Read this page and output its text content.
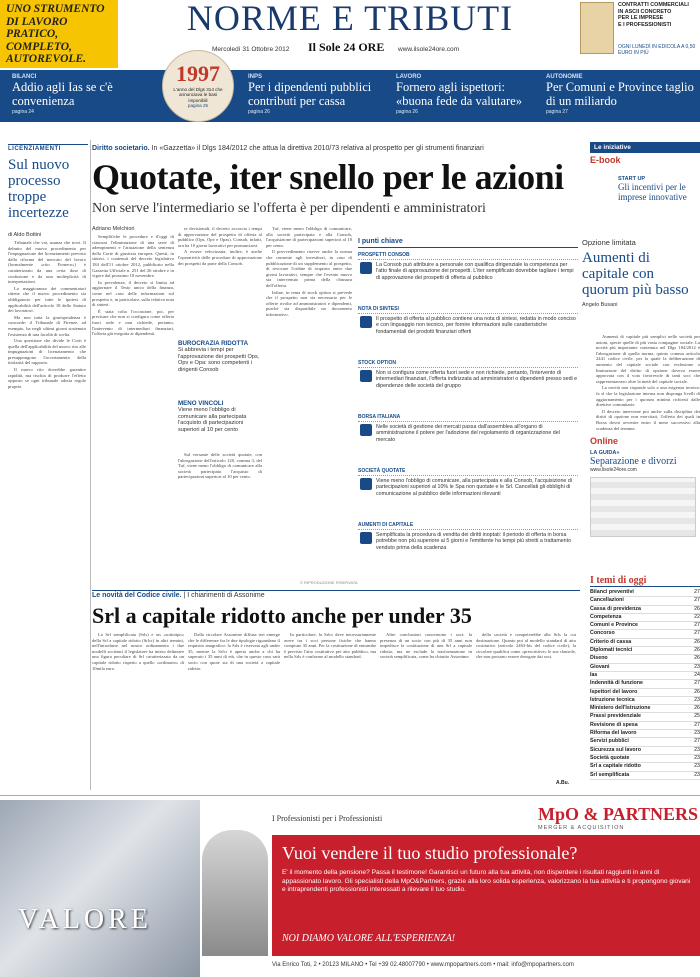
UNO STRUMENTO DI LAVORO PRATICO, COMPLETO, AUTOREVOLE.
NORME E TRIBUTI
Mercoledì 31 Ottobre 2012 Il Sole 24 ORE www.ilsole24ore.com
CONTRATTI COMMERCIALI
IN ASCII CONCRETO
PER LE IMPRESE
E I PROFESSIONISTI
OGNI LUNEDÌ IN EDICOLA A 0,50 EURO IN PIÙ
BILANCI
Addio agli Ias se c'è convenienza
pagina 24
INPS
Per i dipendenti pubblici contributi per cassa
pagina 26
LAVORO
Fornero agli ispettori: «buona fede da valutare»
pagina 26
AUTONOMIE
Per Comuni e Province taglio di un miliardo
pagina 27
1997
L'anno del Dlgs 314 che annunciava le basi imponibili
pagina 25
LICENZIAMENTI
Sul nuovo processo troppe incertezze
di Aldo Bottini

Tribunale che vai, usanza che trovi. Il debutto del nuovo procedimento per l'impugnazione dei licenziamenti previsto dalla riforma del mercato del lavoro (formalmente «rito Fornero») è caratterizzato da una certa dose di confusione e da una molteplicità di interpretazioni.

La maggioranza dei commentatori ritiene che il nuovo procedimento sia obbligatorio per tutte le ipotesi di applicabilità dell'articolo 18 dello Statuto dei lavoratori.

Ma non tutta la giurisprudenza è concorde: il Tribunale di Firenze, ad esempio, ha negli ultimi giorni sostenuto l'esistenza di una facoltà di scelta.

Una questione che divide le Corti è quella dell'applicabilità del nuovo rito alle impugnazioni di licenziamento che presuppongono l'accertamento della titolarità del rapporto.

Il nuovo rito dovrebbe garantire rapidità, ma rischia di produrre l'effetto opposto se ogni tribunale adotta regole proprie.

Diritto societario. In «Gazzetta» il Dlgs 184/2012 che attua la direttiva 2010/73 relativa al prospetto per gli strumenti finanziari
Quotate, iter snello per le azioni
Non serve l'intermediario se l'offerta è per dipendenti e amministratori
Adriano Melchiori

Semplifiche le procedure e il'oggi di ciascuni l'eliminazione di una serie di adempimenti e l'attuazione della sentenza della Corte di giustizia europea. Questi, in sintesi, i contenuti del decreto legislativo 184 dell'11 ottobre 2012, pubblicato nella Gazzetta Ufficiale n. 251 del 26 ottobre e in vigore dal prossimo 10 novembre.

In prevalenza, il decreto si limita ad aggiornare il Testo unico della finanza, come nel caso delle informazioni sul prospetto e, in particolare, sulla relativa nota di sintesi.

È stata colta l'occasione, poi, per precisare che non si configura come offerta fuori sede e non richiede, pertanto, l'intervento di intermediari finanziari, l'offerta già eseguita ai dipendenti.

re decisionali, il decreto accorcia i tempi di approvazione del prospetto di offerta al pubblico (Ops, Opv e Opas). Consob, infatti, ora ha 10 giorni lavorativi per pronunciarsi.

A essere velocizzata, inoltre, è anche l'operatività delle procedure di approvazione dei prospetti da parte della Consob.

BUROCRAZIA RIDOTTA
Si abbrevia i tempi per l'approvazione dei prospetti Ops, Opv e Opa: sono competenti i dirigenti Consob
MENO VINCOLI
Viene meno l'obbligo di comunicare alla partecipata l'acquisto di partecipazioni superiori al 10 per cento

Sul versante delle società quotate, con l'abrogazione dell'articolo 120, comma 3, del Tuf, viene meno l'obbligo di comunicare alla società partecipata l'acquisto di partecipazioni superiori al 10 per cento.

Tuf, viene meno l'obbligo di comunicare, alla società partecipata e alla Consob, l'acquisizione di partecipazioni superiori al 10 per cento.

Il provvedimento riserve anche la norma che consente agli investitori, in caso di pubblicazione di un supplemento al prospetto, di revocare l'ordine di acquisto entro due giorni lavorativi, sempre che l'evento nuovo sia intervenuto prima della chiusura dell'offerta.

Infine, in tema di stock option si prevede che il prospetto non sia necessario per le offerte rivolte ad amministratori e dipendenti, purché sia disponibile un documento informativo.

© RIPRODUZIONE RISERVATA
I punti chiave
PROSPETTI CONSOB
La Consob può attribuire a personale con qualifica dirigenziale la competenza per l'atto finale di approvazione dei prospetti. L'iter semplificato dovrebbe tagliare i tempi di approvazione dei prospetti di offerta al pubblico
NOTA DI SINTESI
Il prospetto di offerta al pubblico contiene una nota di sintesi, redatta in modo conciso e con linguaggio non tecnico, per fornire informazioni sulle caratteristiche fondamentali dei prodotti finanziari offerti
STOCK OPTION
Non si configura come offerta fuori sede e non richiede, pertanto, l'intervento di intermediari finanziari, l'offerta indirizzata ad amministratori o dipendenti presso sedi e dipendenze delle società del gruppo
BORSA ITALIANA
Nelle società di gestione dei mercati passa dall'assemblea all'organo di amministrazione il potere per l'adozione del regolamento di organizzazione del mercato
SOCIETÀ QUOTATE
Viene meno l'obbligo di comunicare, alla partecipata e alla Consob, l'acquisizione di partecipazioni superiori al 10% le Spa non quotate e le Srl. Cancellati gli obblighi di comunicazione al pubblico delle informazioni rilevanti
AUMENTI DI CAPITALE
Semplificata la procedura di vendita dei diritti inoptati: il periodo di offerta in borsa potrebbe non più superiore ai 5 giorni e l'emittente ha tempi più stretti a trattamento venduto prima della scadenza
Opzione limitata
Aumenti di capitale con quorum più basso
Angelo Busani

Aumenti di capitale più semplici nelle società per azioni, specie quelle di più vasta compagine sociale. La novità più importante contenuta nel Dlgs 184/2012 è l'abrogazione di quella norma, quinto comma articolo 2441 codice civile, per la quale la deliberazione di aumento del capitale sociale con esclusione o limitazione del diritto di opzione doveva essere approvata con il voto favorevole di tanti soci che rappresentassero oltre la metà del capitale sociale.

La novità non risponde solo a una esigenza tecnica: fa sì che la legislazione interna non disponga livelli di aggiornamento per i quorum minimi richiesti dalle direttive comunitarie.

Il decreto interviene poi anche sulla disciplina dei diritti di opzione non esercitati, l'offerta dei quali in Borsa dovrà avvenire entro il mese successivo alla scadenza del termine.

Le iniziative
E-book
START UP
Gli incentivi per le imprese innovative
Le novità del Codice civile. | I chiarimenti di Assonime
Srl a capitale ridotto anche per under 35

La Srl semplificata (Srls) e un «sottotipo» della Srl a capitale ridotto (Srlcr) in altri termini, nell'introdurre nel nostro ordinamento i due modelli societari il legislatore ha inteso delineare una figura peculiare di Srl caratterizzata da un capitale ridotto rispetto a quello «ordinario» di 10mila euro.

Dalla circolare Assonime diffusa ieri emerge che le differenze fra le due tipologie riguardano il requisito anagrafico: la Srls è riservata agli under 35, mentre la Srlcr è aperta anche a chi ha superato i 35 anni di età, che in questo caso sarà socio con quote sia di una società a capitale ridotto.

In particolare, la Srlcr deve necessariamente avere tra i soci persone fisiche che hanno compiuto 35 anni. Per la costituzione di entrambe è previsto l'atto costitutivo per atto pubblico, ma nella Srls è conforme al modello standard.

Altre conclusioni concernono i soci: la presenza di un socio con più di 35 anni non impedisce la costituzione di una Srl a capitale ridotto, ma ne esclude la trasformazione in società semplificata, come ha chiarito Assonime.

della società e competerebbe alla Srls la cui destinazione. Quanto poi al modello standard di atto costitutivo (articolo 2463-bis del codice civile), la circolare qualifica come «prescrittive» le sue clausole, che non possono essere derogate dai soci.

A.Bu.
Online
LA GUIDA»
Separazione e divorzi
www.lisole24ore.com
I temi di oggi
Bilanci preventivi	27
Cancellazioni	27
Cassa di previdenza	26
Competenza	22
Comuni e Province	27
Concorso	27
Criterio di cassa	26
Diplomati tecnici	26
Diseno	26
Giovani	23
Ias	24
Indennità di funzione	27
Ispettori del lavoro	26
Istruzione tecnica	23
Ministero dell'Istruzione	26
Prassi previdenziale	25
Revisione di spesa	27
Riforma del lavoro	23
Servizi pubblici	27
Sicurezza sul lavoro	23
Società quotate	23
Srl a capitale ridotto	23
Srl semplificata	23
VALORE
I Professionisti per i Professionisti	MpO & PARTNERS
MERGER & ACQUISITION
Vuoi vendere il tuo studio professionale?
E' il momento della pensione? Passa il testimone! Garantisci un futuro alla tua attività, non disperdere i risultati raggiunti in anni di appassionato lavoro. Gli specialisti della MpO&Partners, grazie alla loro solida esperienza, valorizzano la tua attività e ti propongono giovani e intraprendenti professionisti interessati a rilevare il tuo studio.
NOI DIAMO VALORE ALL'ESPERIENZA!
Via Enrico Toti, 2 • 20123 MILANO • Tel +39 02.48007790 • www.mpopartners.com • mail: info@mpopartners.com
